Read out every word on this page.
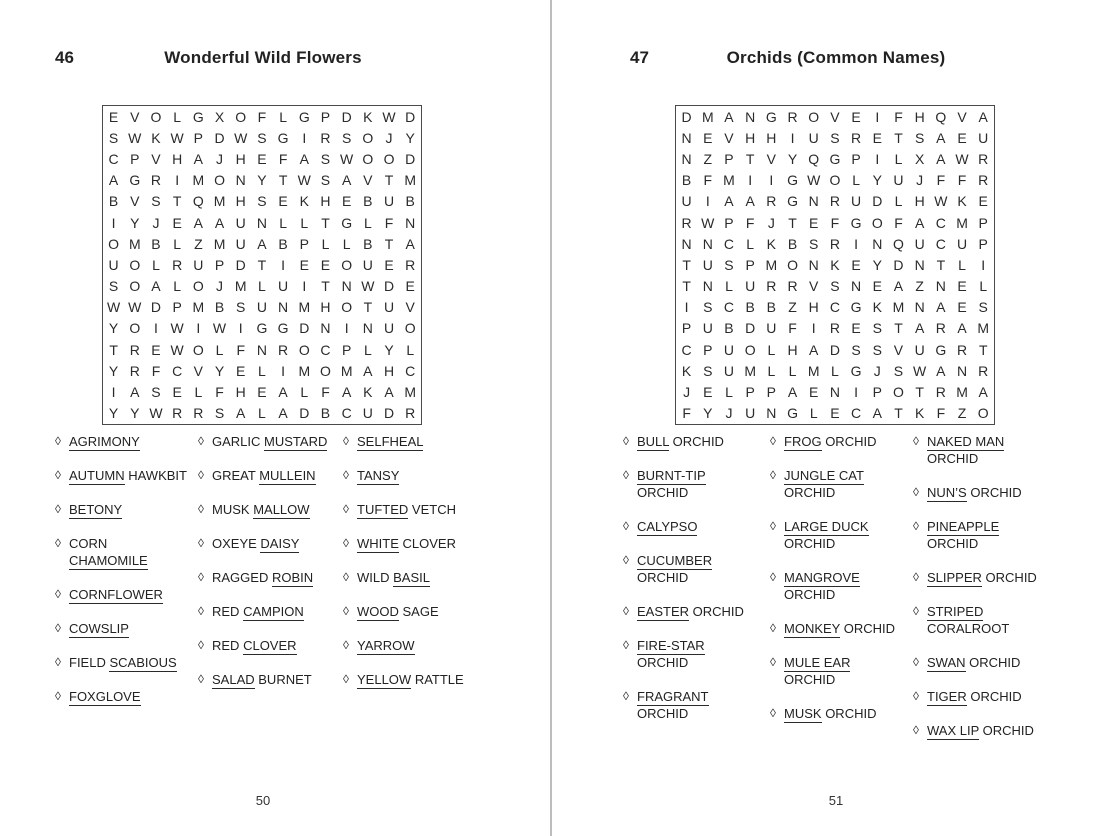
46	Wonderful Wild Flowers
E V O L G X O F L G P D K W D
S W K W P D W S G I	R S O J Y
C P V H A J H E F A S W O O D
A G R	I M O N Y T W S A V T M
B V S T Q M H S E K H E B U B
I	Y J E A A U N L L T G L F N
O M B L Z M U A B P L L B T A
U O L R U P D T	I	E E O U E R
S O A L O J M L U	I	T N W D E
W W D P M B S U N M H O T U V
Y O I W I W I G G D N	I	N U O
T R E W O L F N R O C P L Y L
Y R F C V Y E L	I M O M A H C
I	A S E L F H E A L F A K A M
Y Y W R R S A L A D B C U D R
◊ AGRIMONY
◊ AUTUMN HAWKBIT
◊ BETONY
◊ CORN
CHAMOMILE
◊ CORNFLOWER
◊ COWSLIP
◊ FIELD SCABIOUS
◊ FOXGLOVE
◊ GARLIC MUSTARD
◊ GREAT MULLEIN
◊ MUSK MALLOW
◊ OXEYE DAISY
◊ RAGGED ROBIN
◊ RED CAMPION
◊ RED CLOVER
◊ SALAD BURNET
◊ SELFHEAL
◊ TANSY
◊ TUFTED VETCH
◊ WHITE CLOVER
◊ WILD BASIL
◊ WOOD SAGE
◊ YARROW
◊ YELLOW RATTLE
50
47	Orchids (Common Names)
D M A N G R O V E	I	F H Q V A
N E V H H	I	U S R E T S A E U
N Z P T V Y Q G P	I	L X A W R
B F M I	I G W O L Y U J F F R
U	I	A A R G N R U D L H W K E
R W P F J T E F G O F A C M P
N N C L K B S R	I	N Q U C U P
T U S P M O N K E Y D N T L	I
T N L U R R V S N E A Z N E L
I	S C B B Z H C G K M N A E S
P U B D U F	I	R E S T A R A M
C P U O L H A D S S V U G R T
K S U M L L M L G J S W A N R
J E L P P A E N	I	P O T R M A
F Y J U N G L E C A T K F Z O
◊ BULL ORCHID
◊ BURNT-TIP
ORCHID
◊ CALYPSO
◊ CUCUMBER
ORCHID
◊ EASTER ORCHID
◊ FIRE-STAR
ORCHID
◊ FRAGRANT
ORCHID
◊ FROG ORCHID
◊ JUNGLE CAT
ORCHID
◊ LARGE DUCK
ORCHID
◊ MANGROVE
ORCHID
◊ MONKEY ORCHID
◊ MULE EAR
ORCHID
◊ MUSK ORCHID
◊ NAKED MAN
ORCHID
◊ NUN’S ORCHID
◊ PINEAPPLE
ORCHID
◊ SLIPPER ORCHID
◊ STRIPED
CORALROOT
◊ SWAN ORCHID
◊ TIGER ORCHID
◊ WAX LIP ORCHID
51
